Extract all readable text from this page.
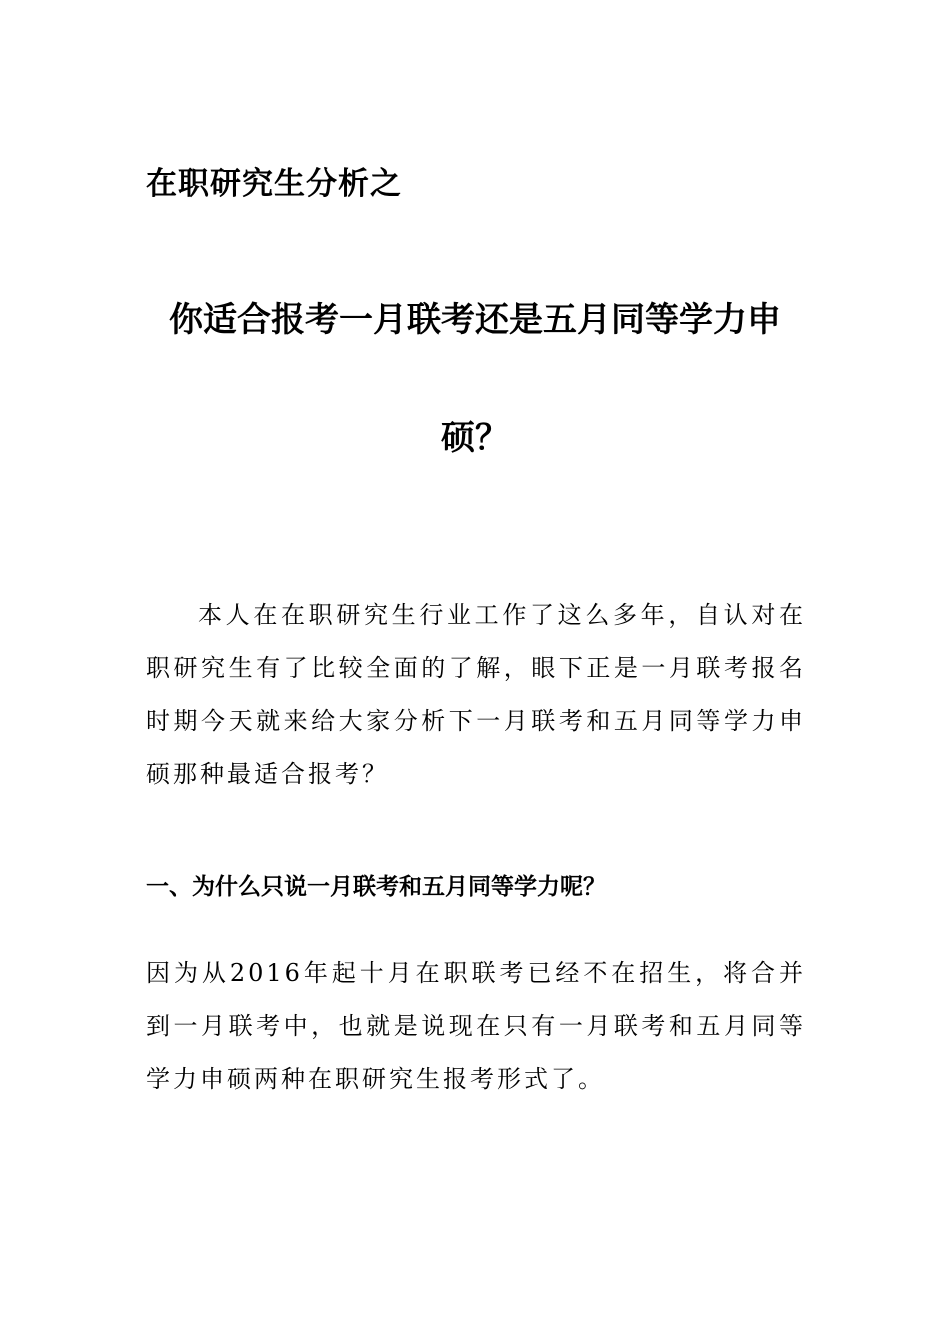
在职研究生分析之
你适合报考一月联考还是五月同等学力申
硕？
本人在在职研究生行业工作了这么多年，自认对在职研究生有了比较全面的了解，眼下正是一月联考报名时期今天就来给大家分析下一月联考和五月同等学力申硕那种最适合报考？
一、为什么只说一月联考和五月同等学力呢？
因为从2016年起十月在职联考已经不在招生，将合并到一月联考中，也就是说现在只有一月联考和五月同等学力申硕两种在职研究生报考形式了。
